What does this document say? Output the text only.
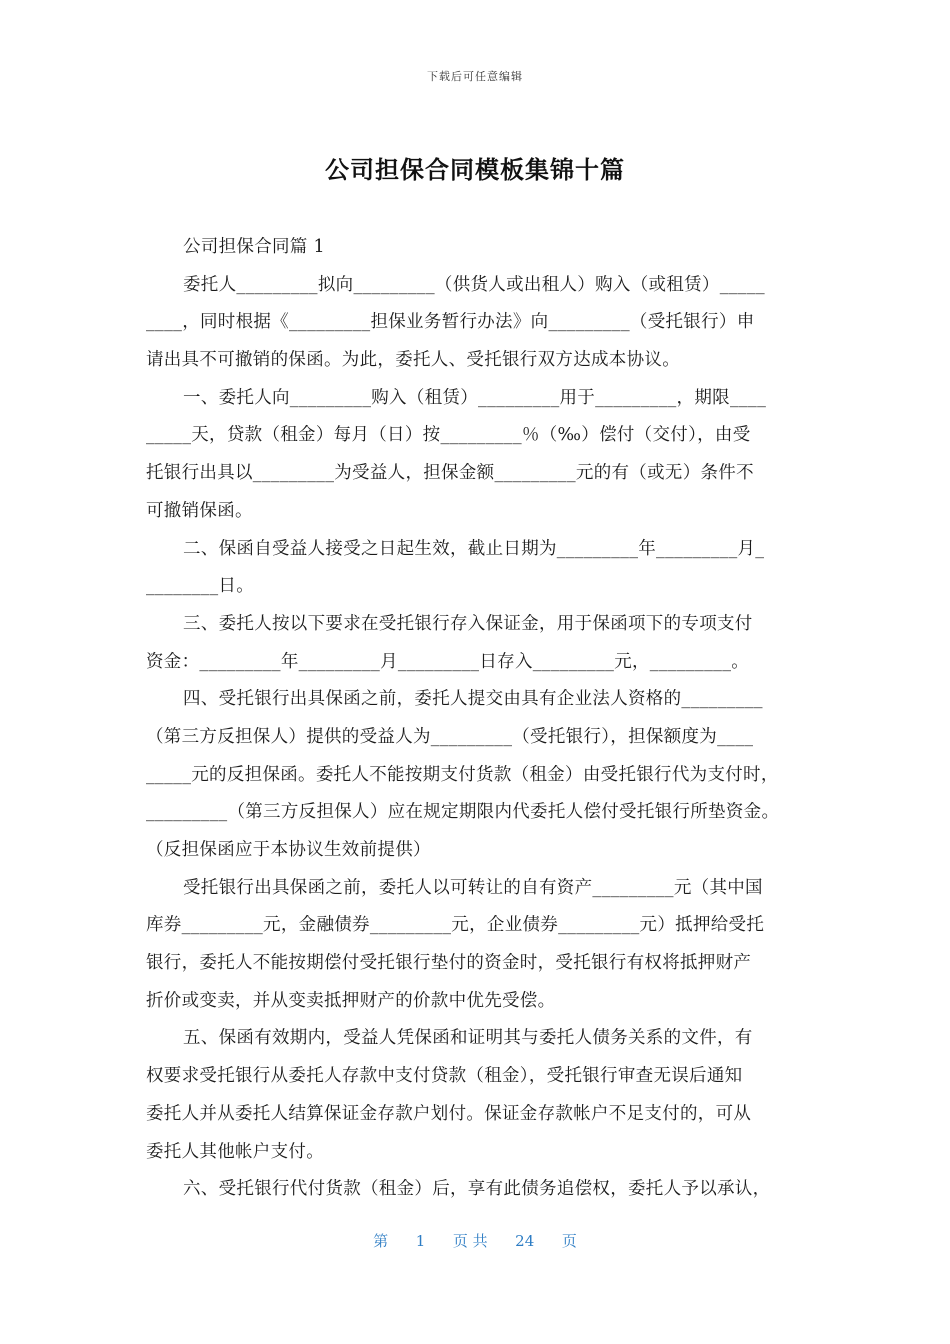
下载后可任意编辑
公司担保合同模板集锦十篇
公司担保合同篇 1
委托人_________拟向_________（供货人或出租人）购入（或租赁）_____
____，同时根据《_________担保业务暂行办法》向_________（受托银行）申
请出具不可撤销的保函。为此，委托人、受托银行双方达成本协议。
一、委托人向_________购入（租赁）_________用于_________，期限____
_____天，贷款（租金）每月（日）按_________％（‰）偿付（交付），由受
托银行出具以_________为受益人，担保金额_________元的有（或无）条件不
可撤销保函。
二、保函自受益人接受之日起生效，截止日期为_________年_________月_
________日。
三、委托人按以下要求在受托银行存入保证金，用于保函项下的专项支付
资金：_________年_________月_________日存入_________元，_________。
四、受托银行出具保函之前，委托人提交由具有企业法人资格的_________
（第三方反担保人）提供的受益人为_________（受托银行），担保额度为____
_____元的反担保函。委托人不能按期支付货款（租金）由受托银行代为支付时，
_________（第三方反担保人）应在规定期限内代委托人偿付受托银行所垫资金。
（反担保函应于本协议生效前提供）
受托银行出具保函之前，委托人以可转让的自有资产_________元（其中国
库券_________元，金融债券_________元，企业债券_________元）抵押给受托
银行，委托人不能按期偿付受托银行垫付的资金时，受托银行有权将抵押财产
折价或变卖，并从变卖抵押财产的价款中优先受偿。
五、保函有效期内，受益人凭保函和证明其与委托人债务关系的文件，有
权要求受托银行从委托人存款中支付贷款（租金），受托银行审查无误后通知
委托人并从委托人结算保证金存款户划付。保证金存款帐户不足支付的，可从
委托人其他帐户支付。
六、受托银行代付货款（租金）后，享有此债务追偿权，委托人予以承认，
第 1 页 共 24 页
